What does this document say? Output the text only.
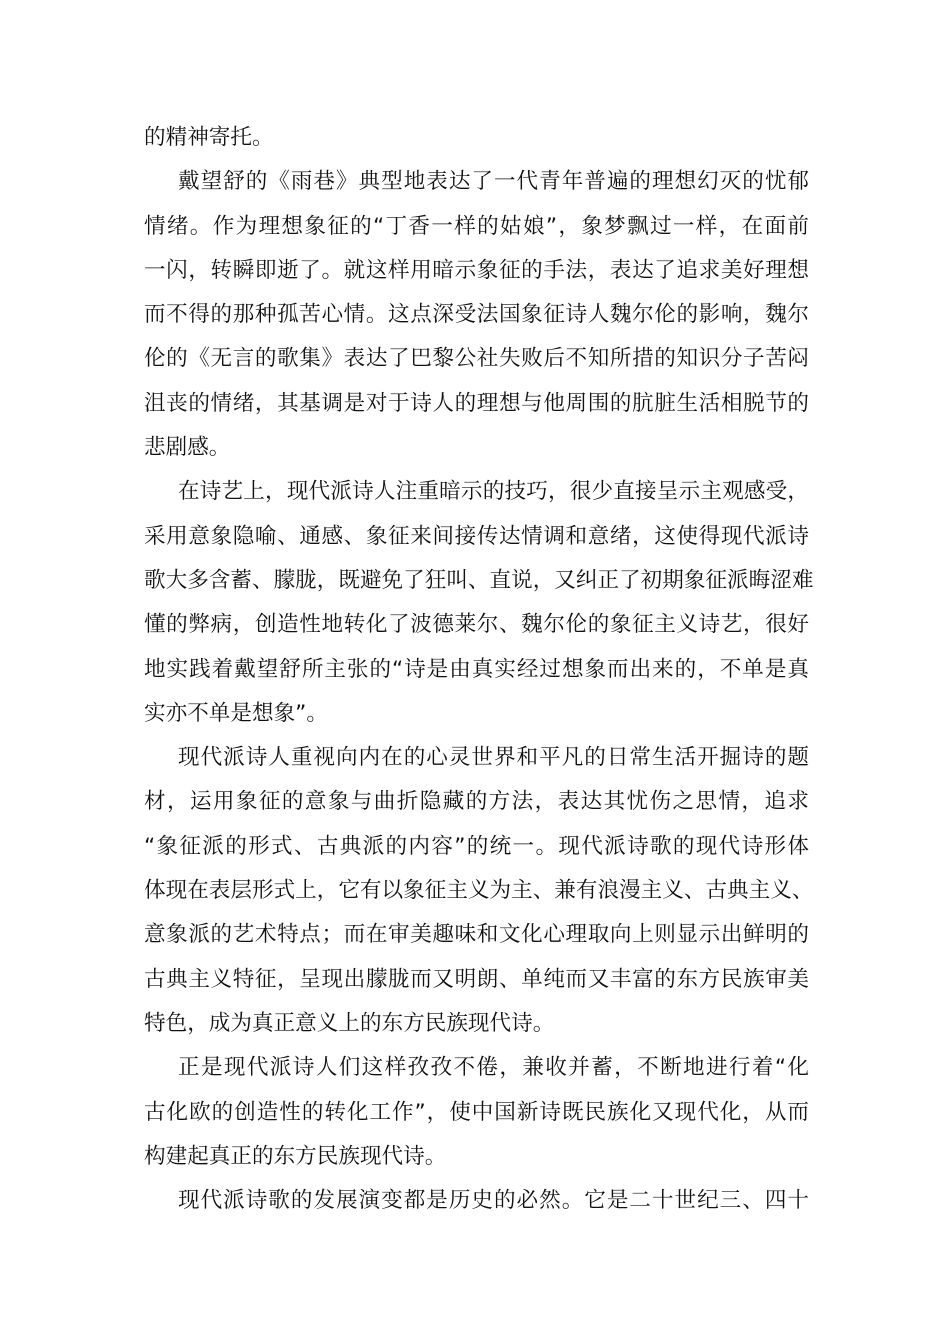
的精神寄托。
戴望舒的《雨巷》典型地表达了一代青年普遍的理想幻灭的忧郁
情绪。作为理想象征的“丁香一样的姑娘”，象梦飘过一样，在面前
一闪，转瞬即逝了。就这样用暗示象征的手法，表达了追求美好理想
而不得的那种孤苦心情。这点深受法国象征诗人魏尔伦的影响，魏尔
伦的《无言的歌集》表达了巴黎公社失败后不知所措的知识分子苦闷
沮丧的情绪，其基调是对于诗人的理想与他周围的肮脏生活相脱节的
悲剧感。
在诗艺上，现代派诗人注重暗示的技巧，很少直接呈示主观感受，
采用意象隐喻、通感、象征来间接传达情调和意绪，这使得现代派诗
歌大多含蓄、朦胧，既避免了狂叫、直说，又纠正了初期象征派晦涩难
懂的弊病，创造性地转化了波德莱尔、魏尔伦的象征主义诗艺，很好
地实践着戴望舒所主张的“诗是由真实经过想象而出来的，不单是真
实亦不单是想象”。
现代派诗人重视向内在的心灵世界和平凡的日常生活开掘诗的题
材，运用象征的意象与曲折隐藏的方法，表达其忧伤之思情，追求
“象征派的形式、古典派的内容”的统一。现代派诗歌的现代诗形体
体现在表层形式上，它有以象征主义为主、兼有浪漫主义、古典主义、
意象派的艺术特点；而在审美趣味和文化心理取向上则显示出鲜明的
古典主义特征，呈现出朦胧而又明朗、单纯而又丰富的东方民族审美
特色，成为真正意义上的东方民族现代诗。
正是现代派诗人们这样孜孜不倦，兼收并蓄，不断地进行着“化
古化欧的创造性的转化工作”，使中国新诗既民族化又现代化，从而
构建起真正的东方民族现代诗。
现代派诗歌的发展演变都是历史的必然。它是二十世纪三、四十
